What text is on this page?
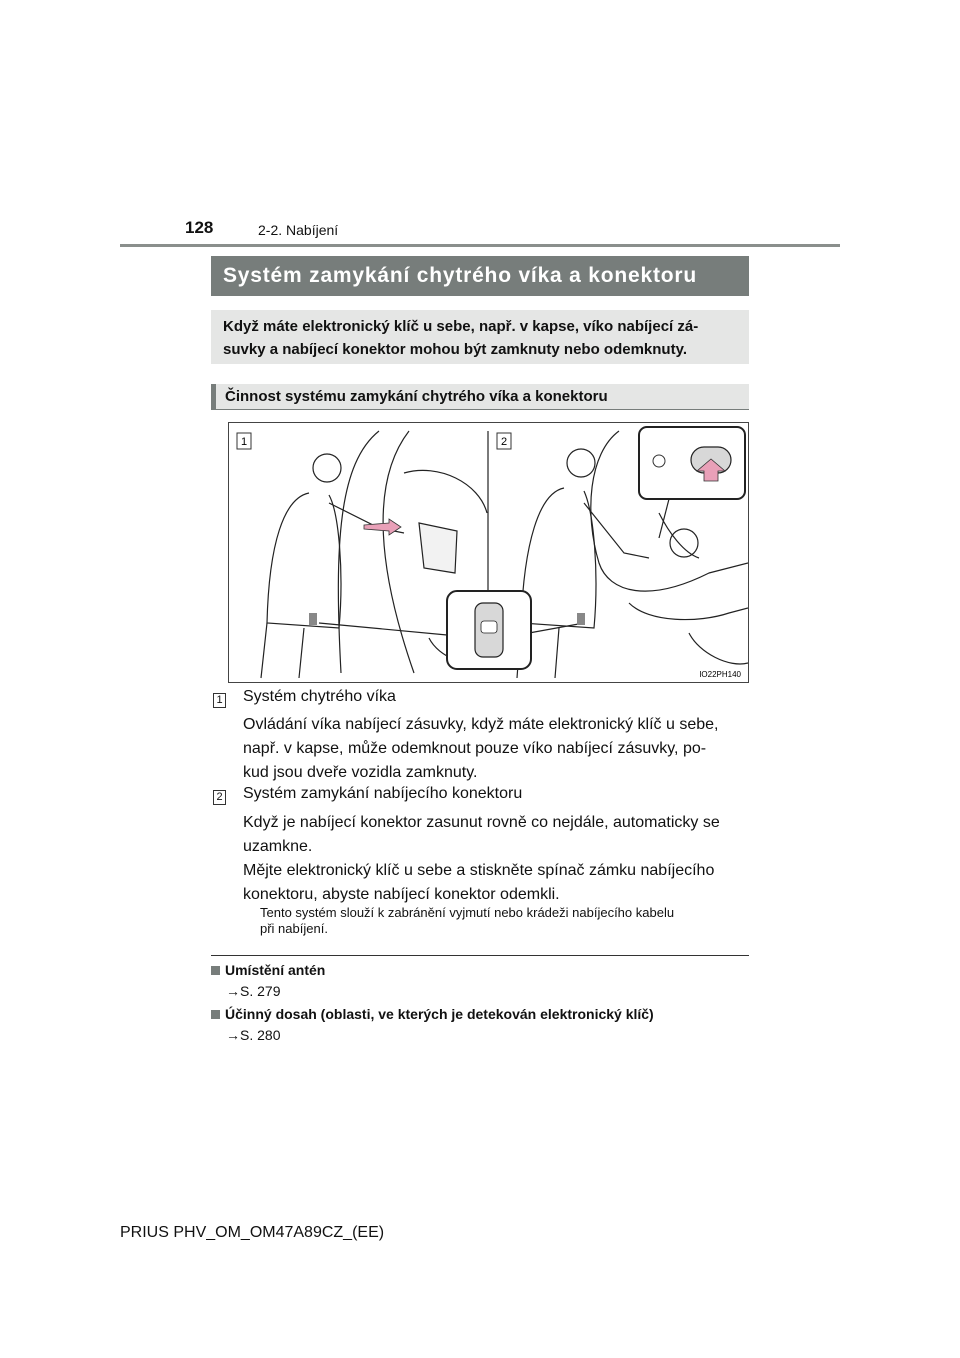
128	2-2. Nabíjení
Systém zamykání chytrého víka a konektoru
Když máte elektronický klíč u sebe, např. v kapse, víko nabíjecí zá-
suvky a nabíjecí konektor mohou být zamknuty nebo odemknuty.
Činnost systému zamykání chytrého víka a konektoru
1	2
IO22PH140
1 Systém chytrého víka
Ovládání víka nabíjecí zásuvky, když máte elektronický klíč u sebe,
např. v kapse, může odemknout pouze víko nabíjecí zásuvky, po-
kud jsou dveře vozidla zamknuty.
2 Systém zamykání nabíjecího konektoru
Když je nabíjecí konektor zasunut rovně co nejdále, automaticky se
uzamkne.
Mějte elektronický klíč u sebe a stiskněte spínač zámku nabíjecího
konektoru, abyste nabíjecí konektor odemkli.
Tento systém slouží k zabránění vyjmutí nebo krádeži nabíjecího kabelu
při nabíjení.
Umístění antén
→S. 279
Účinný dosah (oblasti, ve kterých je detekován elektronický klíč)
→S. 280
PRIUS PHV_OM_OM47A89CZ_(EE)
